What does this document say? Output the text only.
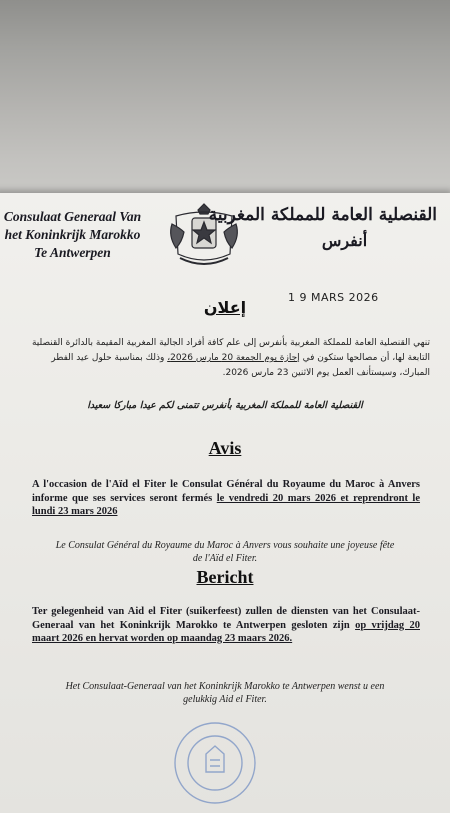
Consulaat Generaal Van
het Koninkrijk Marokko
Te Antwerpen
القنصلية العامة للمملكة المغربية
أنفرس
1 9 MARS 2026
إعلان
تنهي القنصلية العامة للمملكة المغربية بأنفرس إلى علم كافة أفراد الجالية المغربية المقيمة بالدائرة القنصلية التابعة لها، أن مصالحها ستكون في إجازة يوم الجمعة 20 مارس 2026، وذلك بمناسبة حلول عيد الفطر المبارك، وسيستأنف العمل يوم الاثنين 23 مارس 2026.
القنصلية العامة للمملكة المغربية بأنفرس تتمنى لكم عيدا مباركا سعيدا
Avis
A l'occasion de l'Aïd el Fiter le Consulat Général du Royaume du Maroc à Anvers informe que ses services seront fermés le vendredi 20 mars 2026 et reprendront le lundi 23 mars 2026
Le Consulat Général du Royaume du Maroc à Anvers vous souhaite une joyeuse fête de l'Aïd el Fiter.
Bericht
Ter gelegenheid van Aid el Fiter (suikerfeest) zullen de diensten van het Consulaat-Generaal van het Koninkrijk Marokko te Antwerpen gesloten zijn op vrijdag 20 maart 2026 en hervat worden op maandag 23 maars 2026.
Het Consulaat-Generaal van het Koninkrijk Marokko te Antwerpen wenst u een gelukkig Aid el Fiter.
